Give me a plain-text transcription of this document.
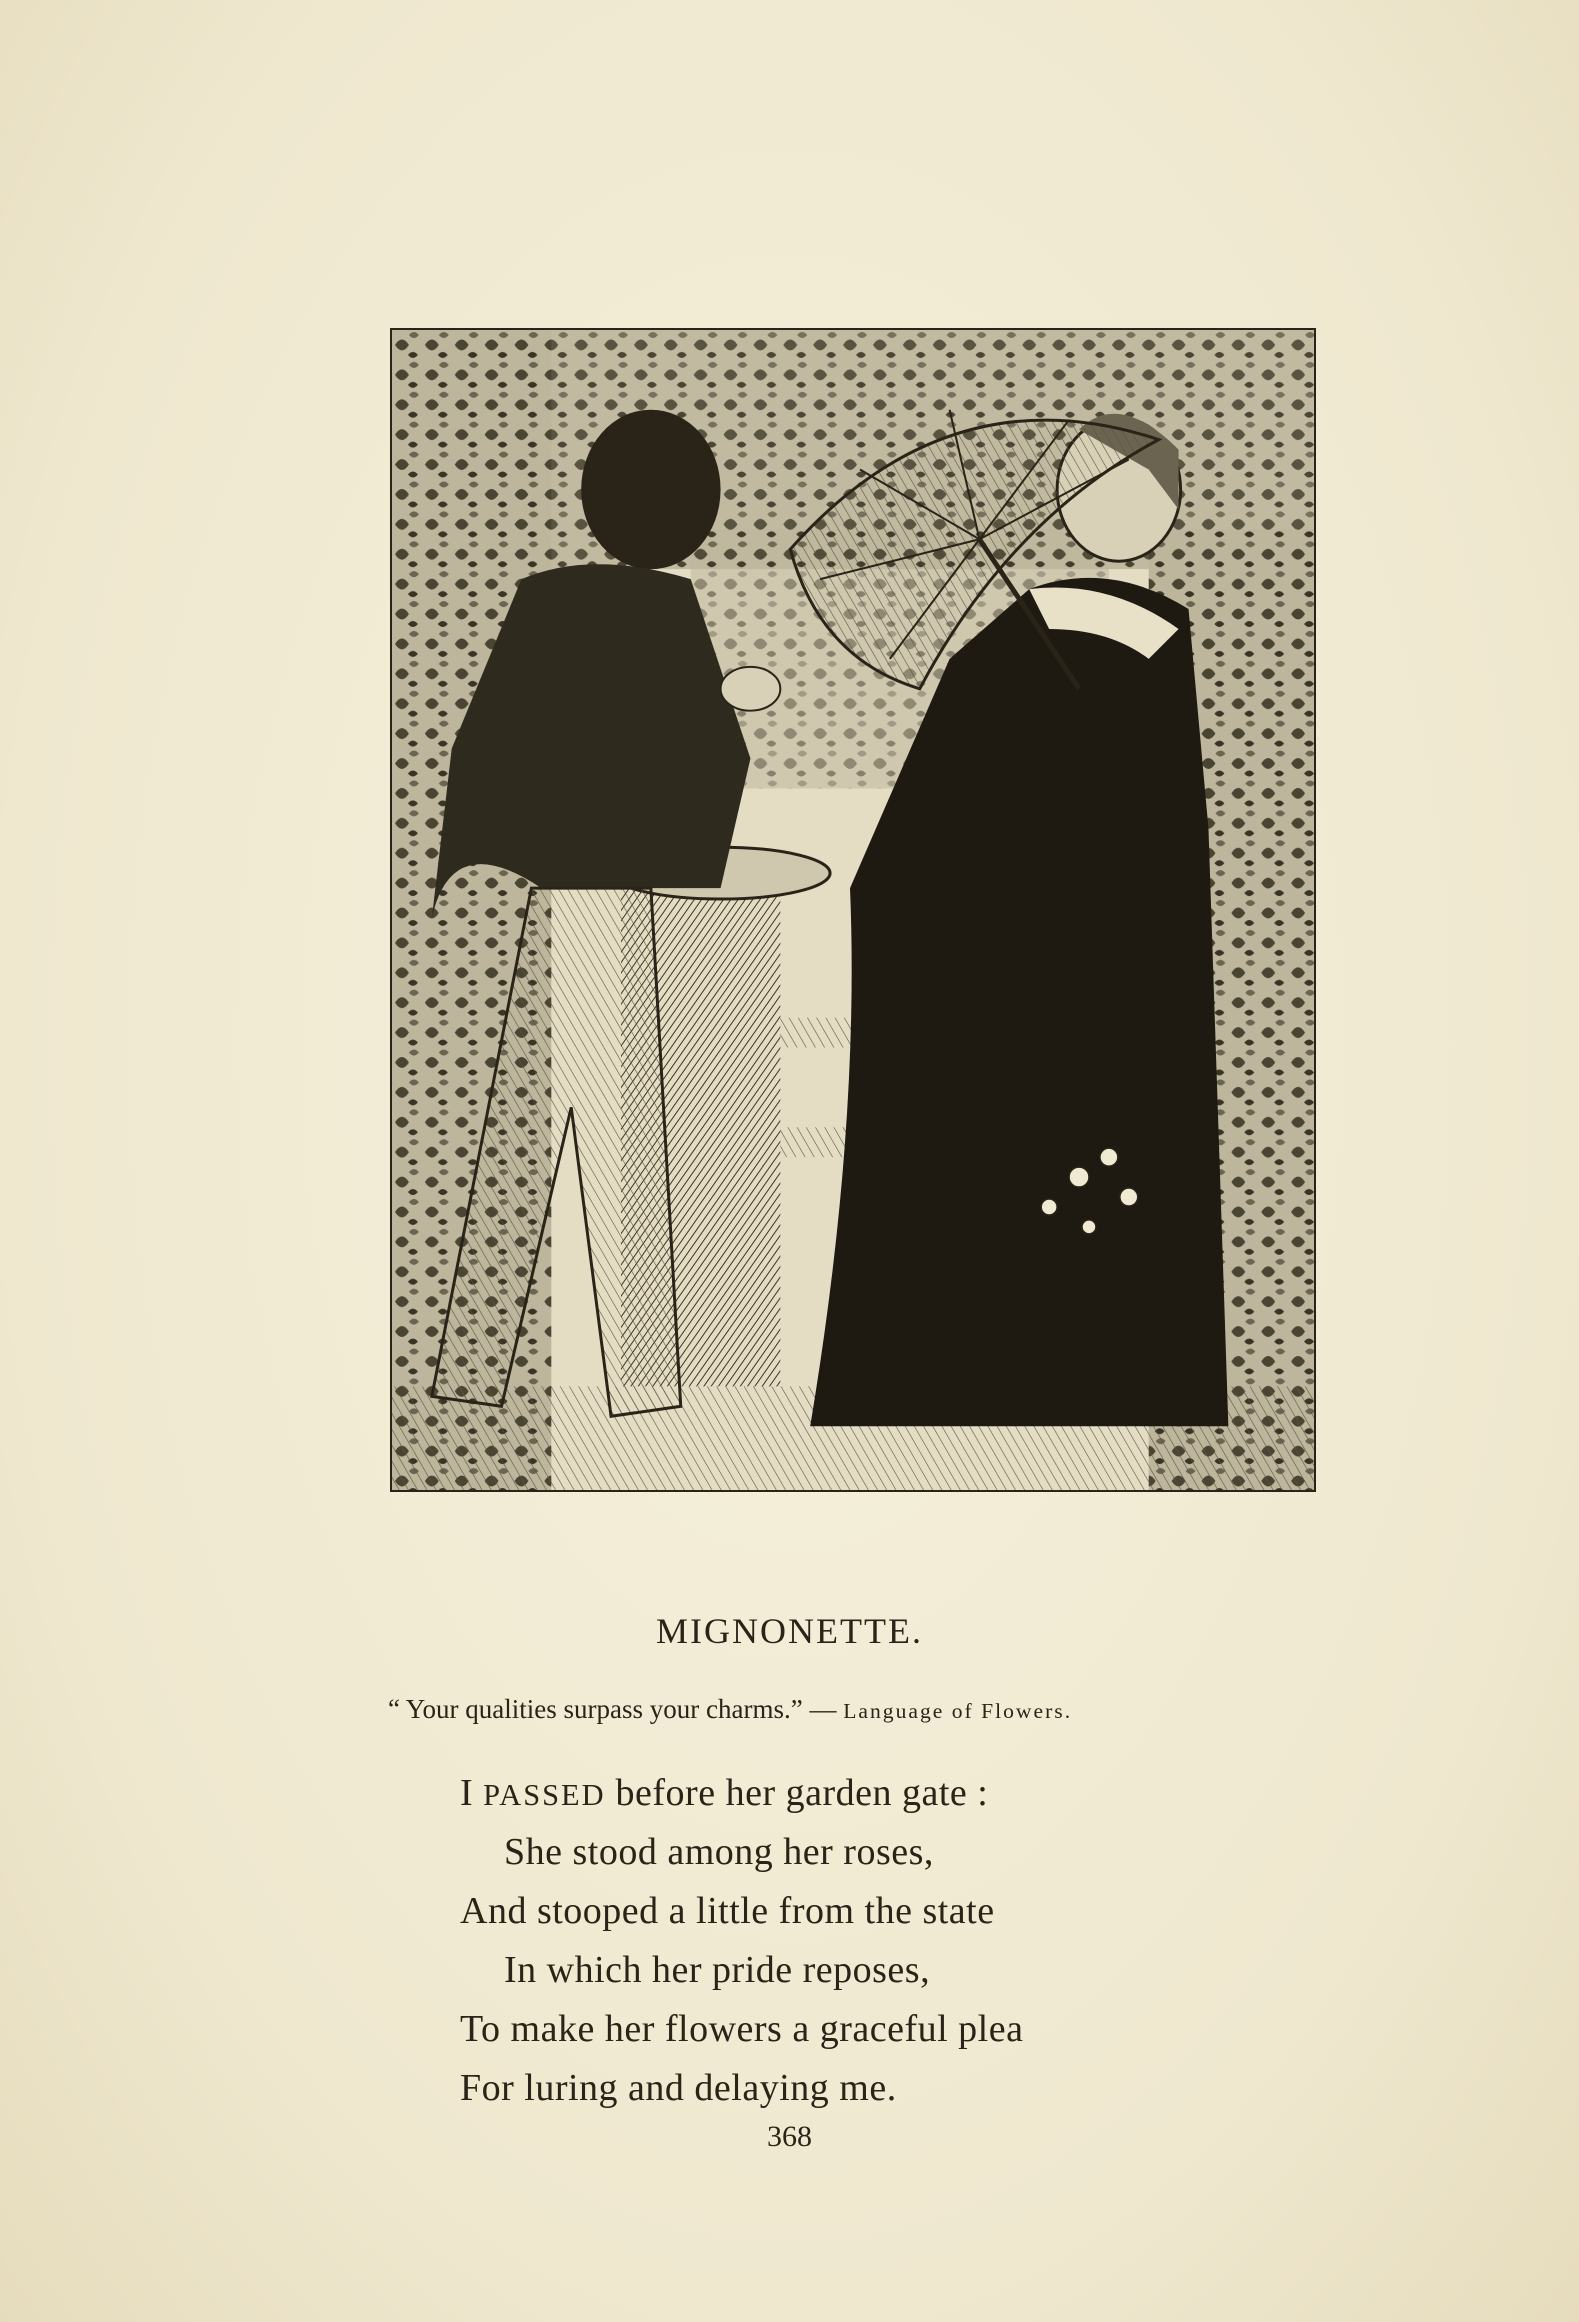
MIGNONETTE.
“ Your qualities surpass your charms.” — Language of Flowers.
I PASSED before her garden gate :
She stood among her roses,
And stooped a little from the state
In which her pride reposes,
To make her flowers a graceful plea
For luring and delaying me.
368
